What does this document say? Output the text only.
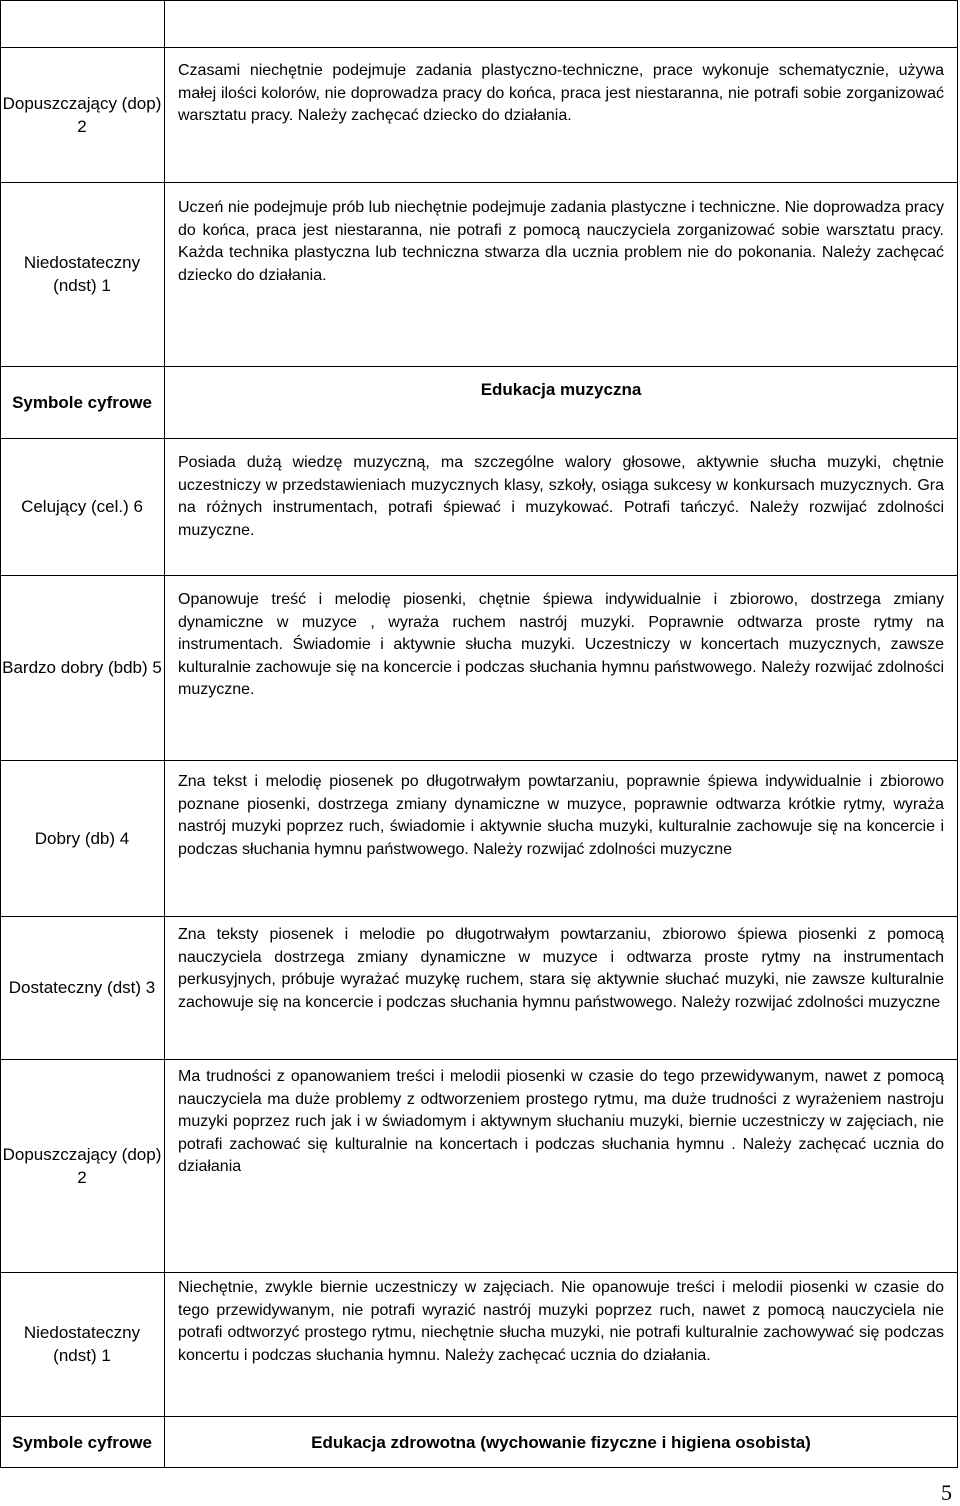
Dopuszczający (dop) 2
Czasami niechętnie podejmuje zadania plastyczno-techniczne, prace wykonuje schematycznie, używa małej ilości kolorów, nie doprowadza pracy do końca, praca jest niestaranna, nie potrafi sobie zorganizować warsztatu pracy. Należy zachęcać dziecko do działania.
Niedostateczny (ndst) 1
Uczeń nie podejmuje prób lub niechętnie podejmuje zadania plastyczne i techniczne. Nie doprowadza pracy do końca, praca jest niestaranna, nie potrafi z pomocą nauczyciela zorganizować sobie warsztatu pracy. Każda technika plastyczna lub techniczna stwarza dla ucznia problem nie do pokonania. Należy zachęcać dziecko do działania.
Symbole cyfrowe
Edukacja muzyczna
Celujący (cel.) 6
Posiada dużą wiedzę muzyczną, ma szczególne walory głosowe, aktywnie słucha muzyki, chętnie uczestniczy w przedstawieniach muzycznych klasy, szkoły, osiąga sukcesy w konkursach muzycznych. Gra na różnych instrumentach, potrafi śpiewać i muzykować. Potrafi tańczyć. Należy rozwijać zdolności muzyczne.
Bardzo dobry (bdb) 5
Opanowuje treść i melodię piosenki, chętnie śpiewa indywidualnie i zbiorowo, dostrzega zmiany dynamiczne w muzyce , wyraża ruchem nastrój muzyki. Poprawnie odtwarza proste rytmy na instrumentach. Świadomie i aktywnie słucha muzyki. Uczestniczy w koncertach muzycznych, zawsze kulturalnie zachowuje się na koncercie i podczas słuchania hymnu państwowego. Należy rozwijać zdolności muzyczne.
Dobry (db) 4
Zna tekst i melodię piosenek po długotrwałym powtarzaniu, poprawnie śpiewa indywidualnie i zbiorowo poznane piosenki, dostrzega zmiany dynamiczne w muzyce, poprawnie odtwarza krótkie rytmy, wyraża nastrój muzyki poprzez ruch, świadomie i aktywnie słucha muzyki, kulturalnie zachowuje się na koncercie i podczas słuchania hymnu państwowego. Należy rozwijać zdolności muzyczne
Dostateczny (dst) 3
Zna teksty piosenek i melodie po długotrwałym powtarzaniu, zbiorowo śpiewa piosenki z pomocą nauczyciela dostrzega zmiany dynamiczne w muzyce i odtwarza proste rytmy na instrumentach perkusyjnych, próbuje wyrażać muzykę ruchem, stara się aktywnie słuchać muzyki, nie zawsze kulturalnie zachowuje się na koncercie i podczas słuchania hymnu państwowego. Należy rozwijać zdolności muzyczne
Dopuszczający (dop) 2
Ma trudności z opanowaniem treści i melodii piosenki w czasie do tego przewidywanym, nawet z pomocą nauczyciela ma duże problemy z odtworzeniem prostego rytmu, ma duże trudności z wyrażeniem nastroju muzyki poprzez ruch jak i w świadomym i aktywnym słuchaniu muzyki, biernie uczestniczy w zajęciach, nie potrafi zachować się kulturalnie na koncertach i podczas słuchania hymnu . Należy zachęcać ucznia do działania
Niedostateczny (ndst) 1
Niechętnie, zwykle biernie uczestniczy w zajęciach. Nie opanowuje treści i melodii piosenki w czasie do tego przewidywanym, nie potrafi wyrazić nastrój muzyki poprzez ruch, nawet z pomocą nauczyciela nie potrafi odtworzyć prostego rytmu, niechętnie słucha muzyki, nie potrafi kulturalnie zachowywać się podczas koncertu i podczas słuchania hymnu. Należy zachęcać ucznia do działania.
Symbole cyfrowe	Edukacja zdrowotna (wychowanie fizyczne i higiena osobista)
5
